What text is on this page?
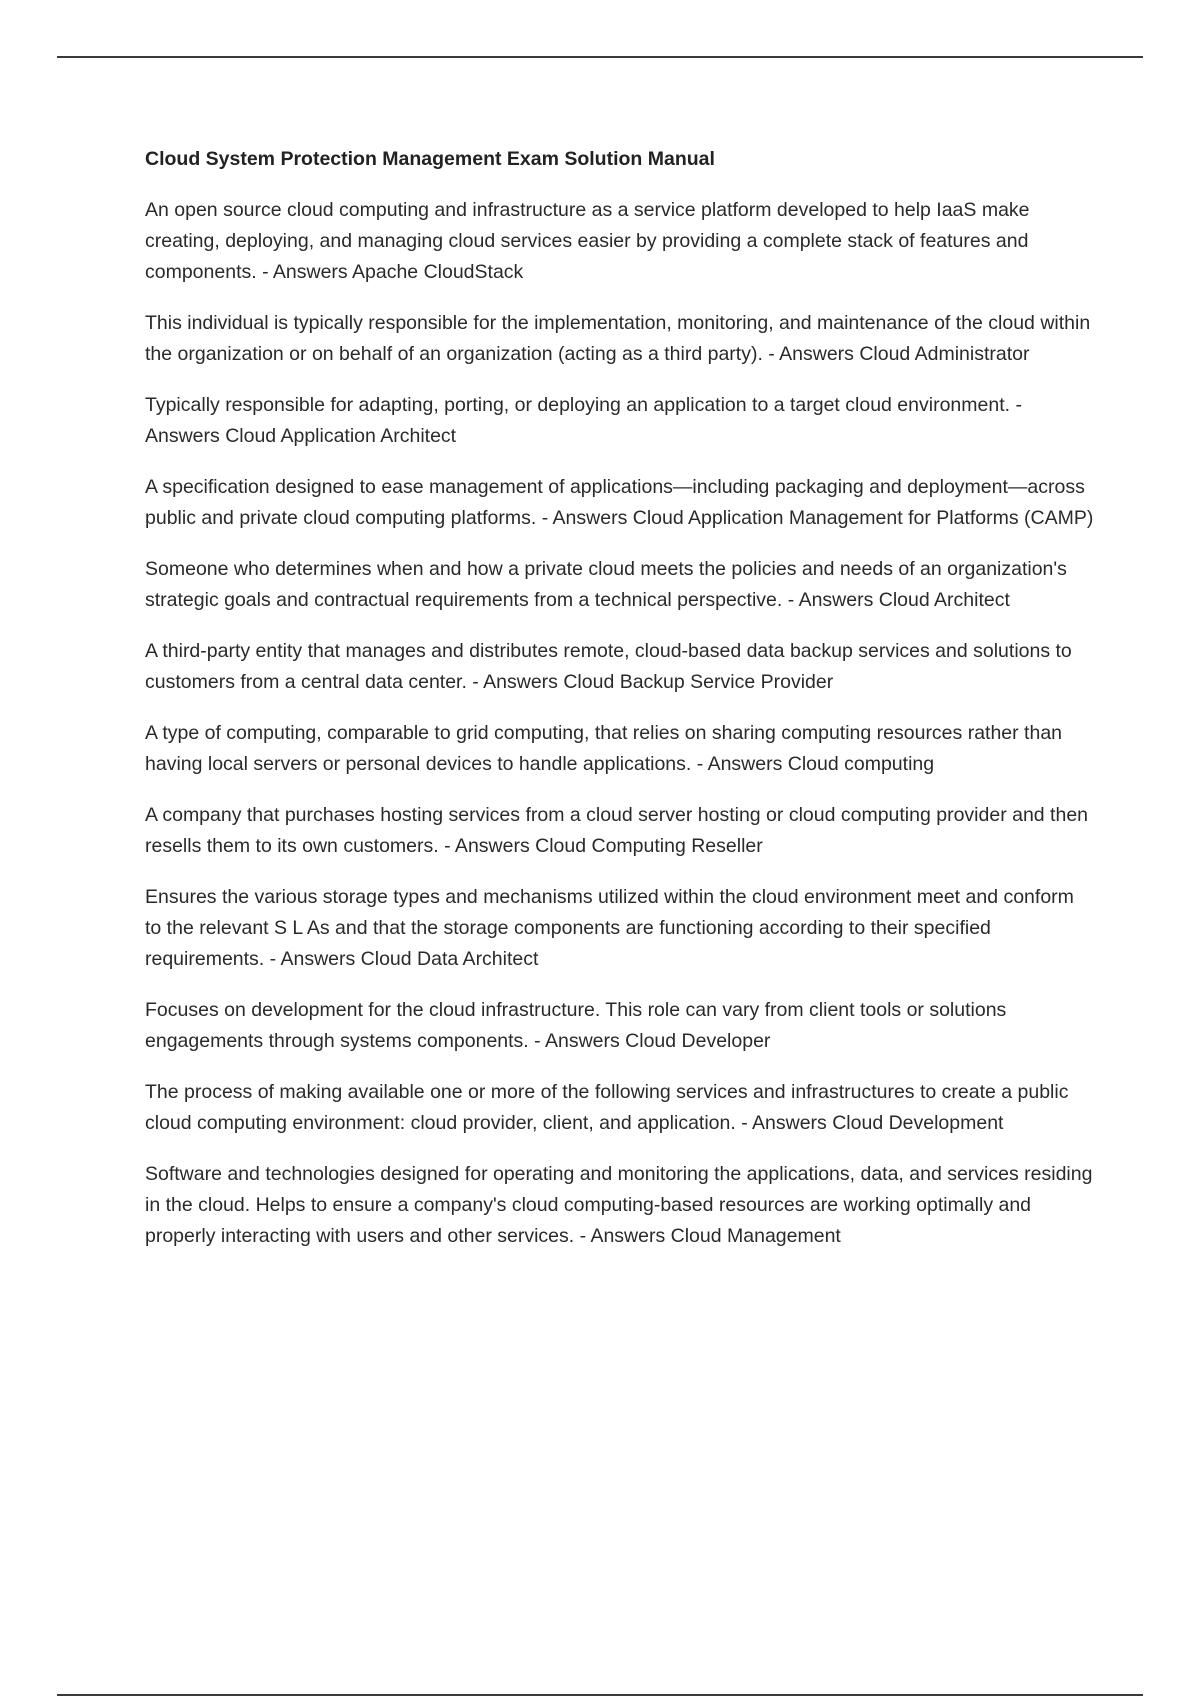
Cloud System Protection Management Exam Solution Manual

An open source cloud computing and infrastructure as a service platform developed to help IaaS make creating, deploying, and managing cloud services easier by providing a complete stack of features and components. - Answers Apache CloudStack

This individual is typically responsible for the implementation, monitoring, and maintenance of the cloud within the organization or on behalf of an organization (acting as a third party). - Answers Cloud Administrator

Typically responsible for adapting, porting, or deploying an application to a target cloud environment. - Answers Cloud Application Architect

A specification designed to ease management of applications—including packaging and deployment—across public and private cloud computing platforms. - Answers Cloud Application Management for Platforms (CAMP)

Someone who determines when and how a private cloud meets the policies and needs of an organization's strategic goals and contractual requirements from a technical perspective. - Answers Cloud Architect

A third-party entity that manages and distributes remote, cloud-based data backup services and solutions to customers from a central data center. - Answers Cloud Backup Service Provider

A type of computing, comparable to grid computing, that relies on sharing computing resources rather than having local servers or personal devices to handle applications. - Answers Cloud computing

A company that purchases hosting services from a cloud server hosting or cloud computing provider and then resells them to its own customers. - Answers Cloud Computing Reseller

Ensures the various storage types and mechanisms utilized within the cloud environment meet and conform to the relevant S L As and that the storage components are functioning according to their specified requirements. - Answers Cloud Data Architect

Focuses on development for the cloud infrastructure. This role can vary from client tools or solutions engagements through systems components. - Answers Cloud Developer

The process of making available one or more of the following services and infrastructures to create a public cloud computing environment: cloud provider, client, and application. - Answers Cloud Development

Software and technologies designed for operating and monitoring the applications, data, and services residing in the cloud. Helps to ensure a company's cloud computing-based resources are working optimally and properly interacting with users and other services. - Answers Cloud Management
